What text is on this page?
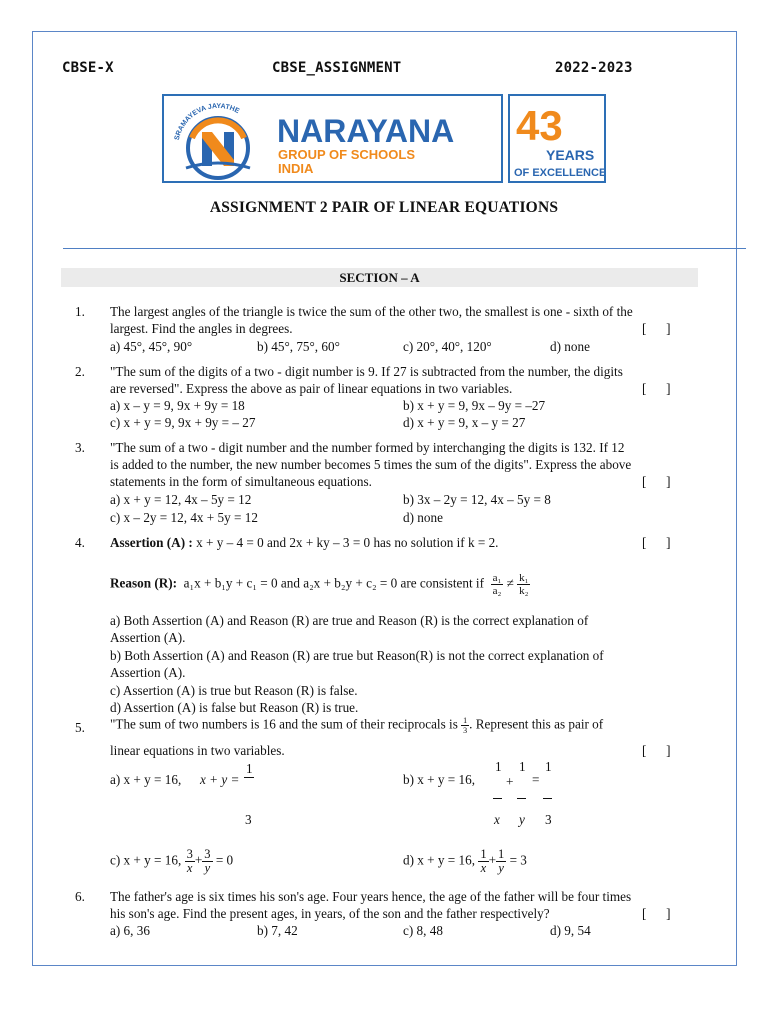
CBSE-X	CBSE_ASSIGNMENT	2022-2023
SRAMAYEVA JAYATHE
NARAYANA
GROUP OF SCHOOLS
INDIA
43
YEARS
OF EXCELLENCE
ASSIGNMENT 2 PAIR OF LINEAR EQUATIONS
SECTION – A
1. The largest angles of the triangle is twice the sum of the other two, the smallest is one - sixth of the
largest. Find the angles in degrees.	[      ]
a) 45°, 45°, 90°	b) 45°, 75°, 60°	c) 20°, 40°, 120°	d) none
2. "The sum of the digits of a two - digit number is 9. If 27 is subtracted from the number, the digits
are reversed". Express the above as pair of linear equations in two variables.	[      ]
a) x – y = 9, 9x + 9y = 18	b) x + y = 9, 9x – 9y = –27
c) x + y = 9, 9x + 9y = – 27	d) x + y = 9, x – y = 27
3. "The sum of a two - digit number and the number formed by interchanging the digits is 132. If 12
is added to the number, the new number becomes 5 times the sum of the digits". Express the above
statements in the form of simultaneous equations.	[      ]
a) x + y = 12, 4x – 5y = 12	b) 3x – 2y = 12, 4x – 5y = 8
c) x – 2y = 12, 4x + 5y = 12	d) none
4. Assertion (A) : x + y – 4 = 0 and 2x + ky – 3 = 0 has no solution if k = 2.	[      ]
Reason (R): a₁x + b₁y + c₁ = 0 and a₂x + b₂y + c₂ = 0 are consistent if $\frac{\text{a₁}}{\text{a₂}} \ne \frac{\text{k₁}}{\text{k₂}}$
a) Both Assertion (A) and Reason (R) are true and Reason (R) is the correct explanation of
Assertion (A).
b) Both Assertion (A) and Reason (R) are true but Reason(R) is not the correct explanation of
Assertion (A).
c) Assertion (A) is true but Reason (R) is false.
d) Assertion (A) is false but Reason (R) is true.
5. "The sum of two numbers is 16 and the sum of their reciprocals is $\frac{1}{3}$ . Represent this as pair of
linear equations in two variables.	[      ]
a) x + y = 16, x + y =
1
3
b) x + y = 16,
1
+
1
=
1
x y 3
c) x + y = 16, $\frac{3}{x} + \frac{3}{y} = 0$	d) x + y = 16, $\frac{1}{x} + \frac{1}{y} = 3$
6. The father's age is six times his son's age. Four years hence, the age of the father will be four times
his son's age. Find the present ages, in years, of the son and the father respectively?	[      ]
a) 6, 36	b) 7, 42	c) 8, 48	d) 9, 54
